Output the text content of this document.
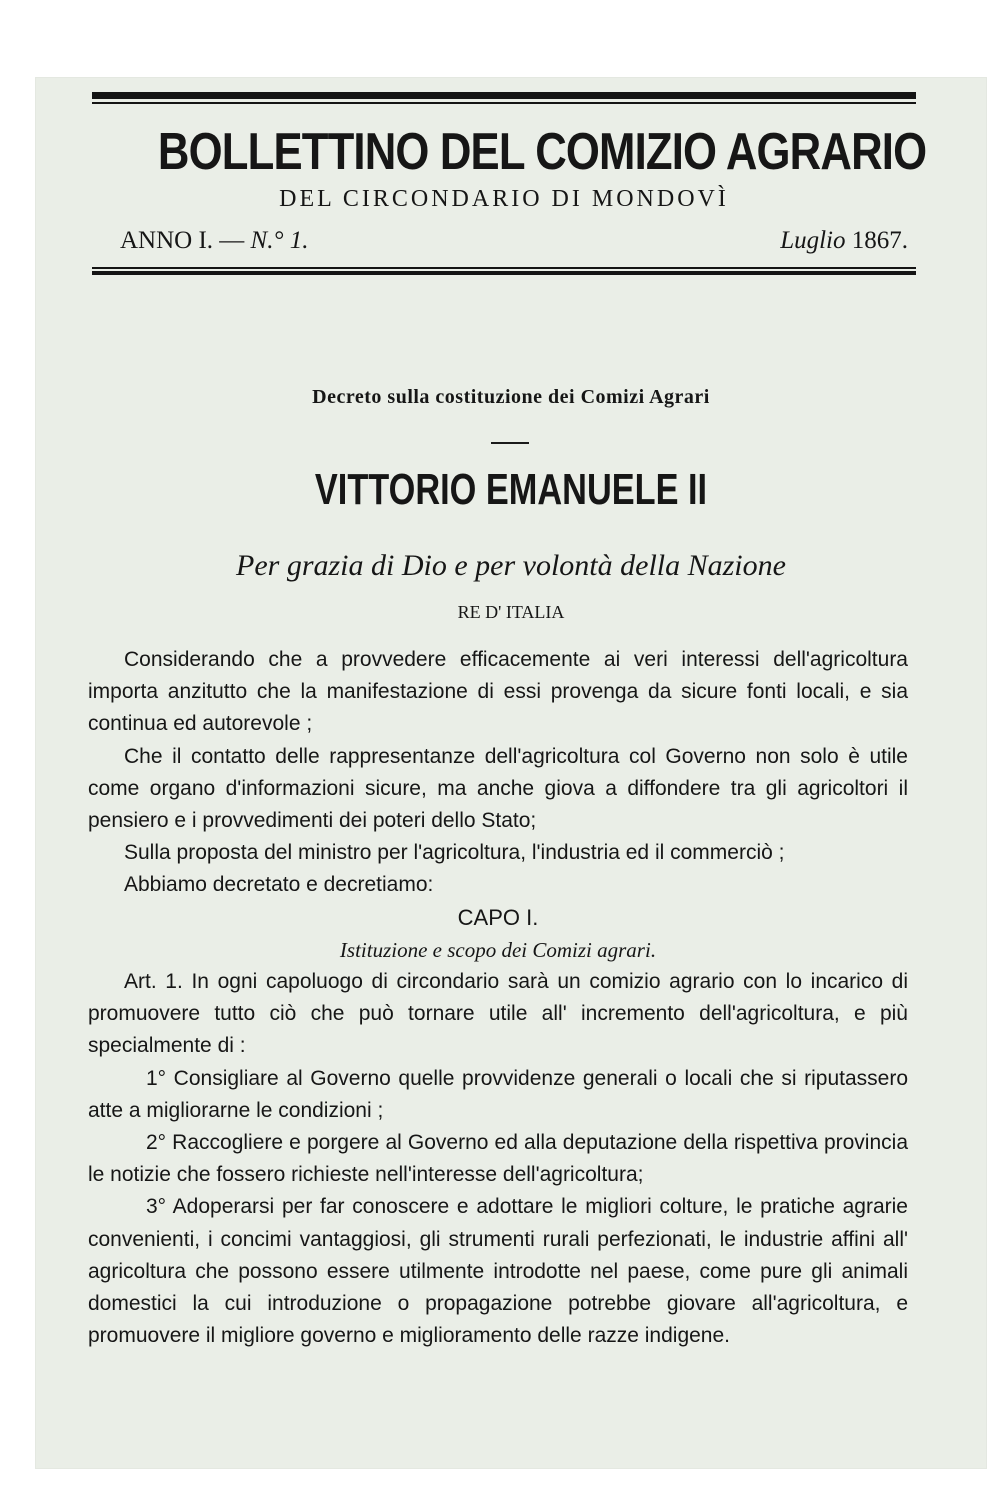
BOLLETTINO DEL COMIZIO AGRARIO
DEL CIRCONDARIO DI MONDOVÌ
ANNO I. — N.° 1.	Luglio 1867.
Decreto sulla costituzione dei Comizi Agrari
VITTORIO EMANUELE II
Per grazia di Dio e per volontà della Nazione
RE D' ITALIA

Considerando che a provvedere efficacemente ai veri interessi dell'agricoltura importa anzitutto che la manifestazione di essi provenga da sicure fonti locali, e sia continua ed autorevole ;

Che il contatto delle rappresentanze dell'agricoltura col Governo non solo è utile come organo d'informazioni sicure, ma anche giova a diffondere tra gli agricoltori il pensiero e i provvedimenti dei poteri dello Stato;

Sulla proposta del ministro per l'agricoltura, l'industria ed il commerciò ;

Abbiamo decretato e decretiamo:

CAPO I.

Istituzione e scopo dei Comizi agrari.

Art. 1. In ogni capoluogo di circondario sarà un comizio agrario con lo incarico di promuovere tutto ciò che può tornare utile all' incremento dell'agricoltura, e più specialmente di :

1° Consigliare al Governo quelle provvidenze generali o locali che si riputassero atte a migliorarne le condizioni ;

2° Raccogliere e porgere al Governo ed alla deputazione della rispettiva provincia le notizie che fossero richieste nell'interesse dell'agricoltura;

3° Adoperarsi per far conoscere e adottare le migliori colture, le pratiche agrarie convenienti, i concimi vantaggiosi, gli strumenti rurali perfezionati, le industrie affini all' agricoltura che possono essere utilmente introdotte nel paese, come pure gli animali domestici la cui introduzione o propagazione potrebbe giovare all'agricoltura, e promuovere il migliore governo e miglioramento delle razze indigene.
